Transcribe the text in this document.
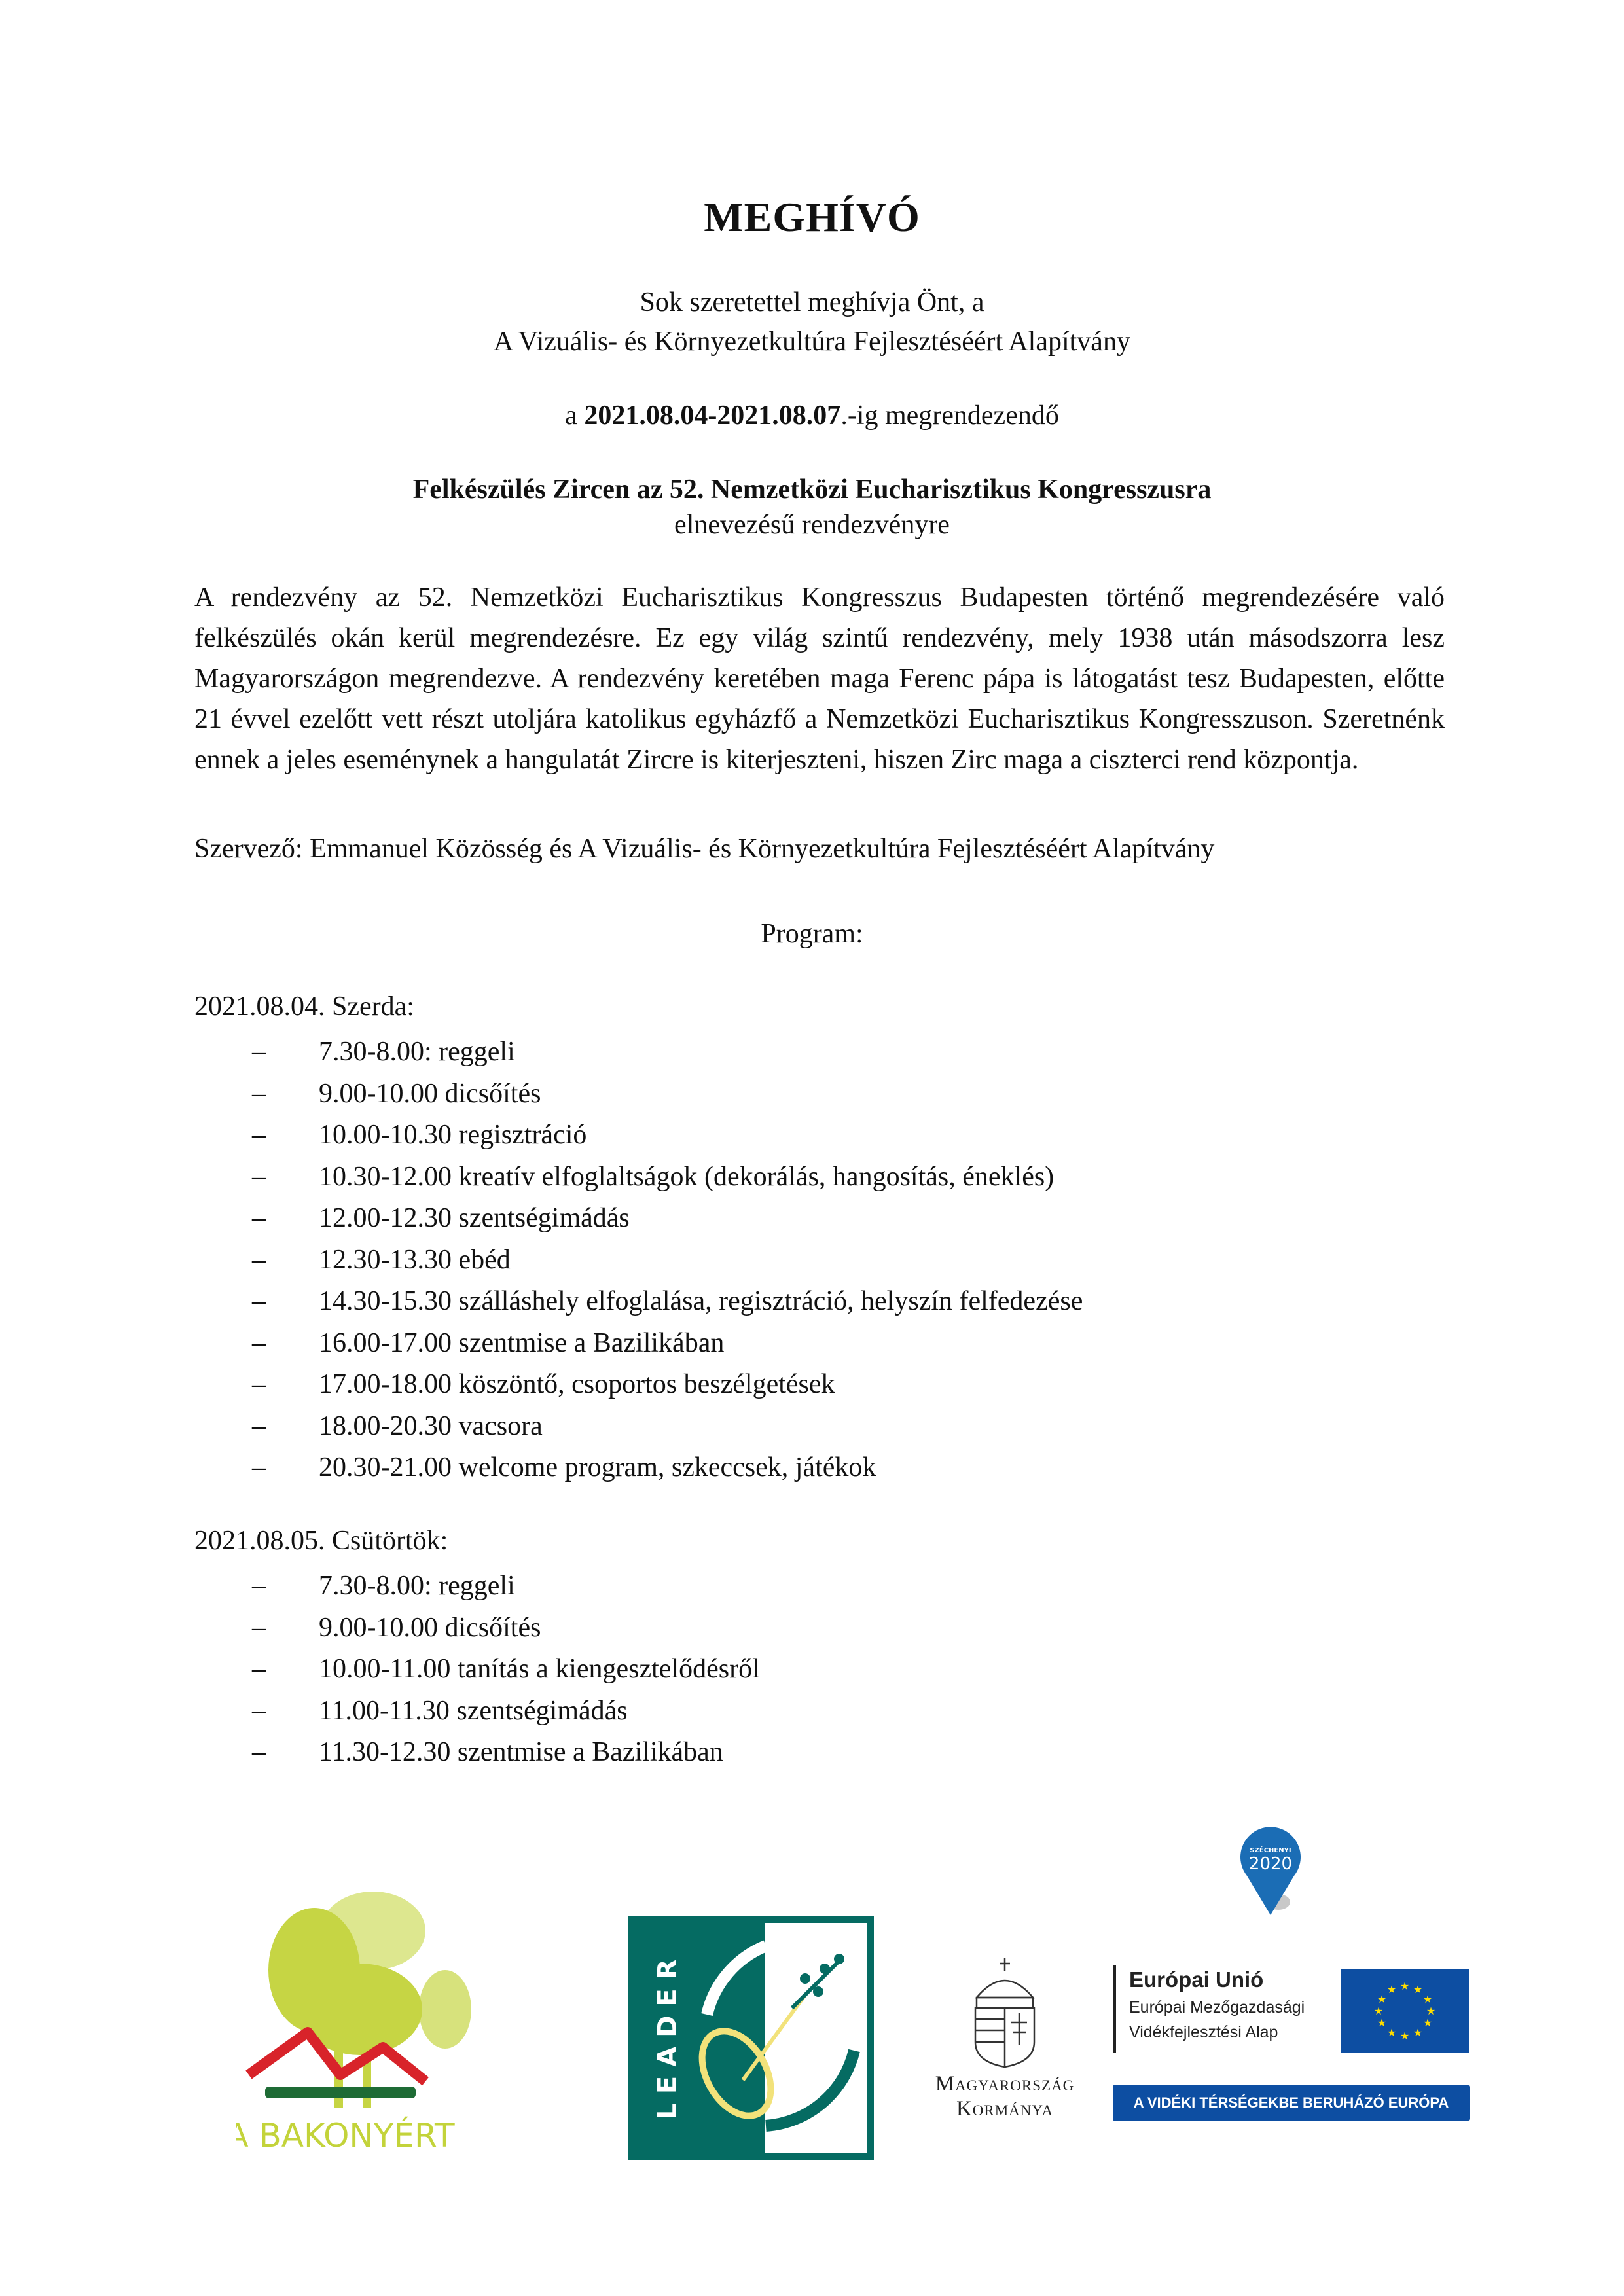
MEGHÍVÓ
Sok szeretettel meghívja Önt, a
A Vizuális- és Környezetkultúra Fejlesztéséért Alapítvány
a 2021.08.04-2021.08.07.-ig megrendezendő
Felkészülés Zircen az 52. Nemzetközi Eucharisztikus Kongresszusra
elnevezésű rendezvényre
A rendezvény az 52. Nemzetközi Eucharisztikus Kongresszus Budapesten történő megrendezésére való felkészülés okán kerül megrendezésre. Ez egy világ szintű rendezvény, mely 1938 után másodszorra lesz Magyarországon megrendezve. A rendezvény keretében maga Ferenc pápa is látogatást tesz Budapesten, előtte 21 évvel ezelőtt vett részt utoljára katolikus egyházfő a Nemzetközi Eucharisztikus Kongresszuson. Szeretnénk ennek a jeles eseménynek a hangulatát Zircre is kiterjeszteni, hiszen Zirc maga a ciszterci rend központja.
Szervező: Emmanuel Közösség és A Vizuális- és Környezetkultúra Fejlesztéséért Alapítvány
Program:
2021.08.04. Szerda:
– 7.30-8.00: reggeli
– 9.00-10.00 dicsőítés
– 10.00-10.30 regisztráció
– 10.30-12.00 kreatív elfoglaltságok (dekorálás, hangosítás, éneklés)
– 12.00-12.30 szentségimádás
– 12.30-13.30 ebéd
– 14.30-15.30 szálláshely elfoglalása, regisztráció, helyszín felfedezése
– 16.00-17.00 szentmise a Bazilikában
– 17.00-18.00 köszöntő, csoportos beszélgetések
– 18.00-20.30 vacsora
– 20.30-21.00 welcome program, szkeccsek, játékok
2021.08.05. Csütörtök:
– 7.30-8.00: reggeli
– 9.00-10.00 dicsőítés
– 10.00-11.00 tanítás a kiengesztelődésről
– 11.00-11.30 szentségimádás
– 11.30-12.30 szentmise a Bazilikában
A BAKONYÉRT
LEADER	Magyarország
Kormánya
SZÉCHENYI
2020
Európai Unió
Európai Mezőgazdasági
Vidékfejlesztési Alap
★ ★
★
★
★
★
★
★
★
★
★
★
A VIDÉKI TÉRSÉGEKBE BERUHÁZÓ EURÓPA
